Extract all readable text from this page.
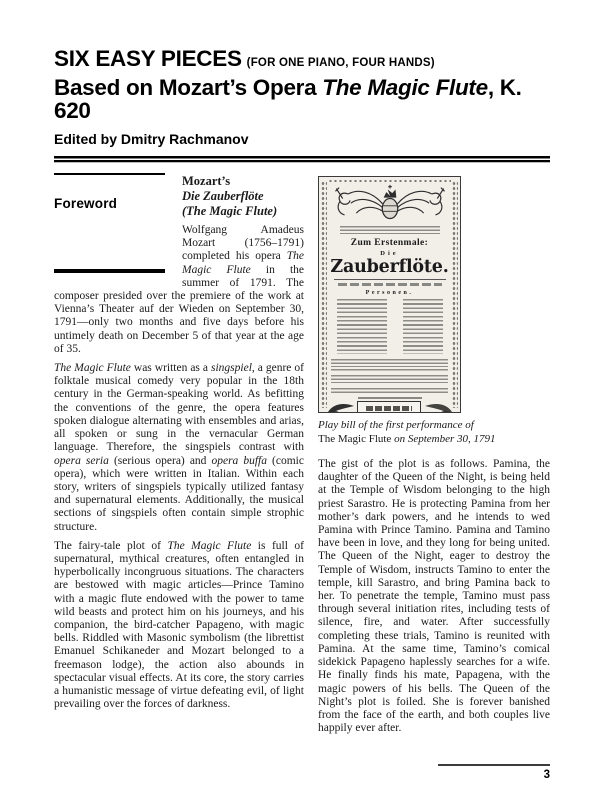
SIX EASY PIECES (FOR ONE PIANO, FOUR HANDS)
Based on Mozart’s Opera The Magic Flute, K. 620
Edited by Dmitry Rachmanov
Foreword
Mozart’s
Die Zauberflöte
(The Magic Flute)

Wolfgang Amadeus Mozart (1756–1791) completed his opera The Magic Flute in the summer of 1791. The composer presided over the premiere of the work at Vienna’s Theater auf der Wieden on September 30, 1791—only two months and five days before his untimely death on December 5 of that year at the age of 35.

The Magic Flute was written as a singspiel, a genre of folktale musical comedy very popular in the 18th century in the German-speaking world. As befitting the conventions of the genre, the opera features spoken dialogue alternating with ensembles and arias, all spoken or sung in the vernacular German language. Therefore, the singspiels contrast with opera seria (serious opera) and opera buffa (comic opera), which were written in Italian. Within each story, writers of singspiels typically utilized fantasy and supernatural elements. Additionally, the musical sections of singspiels often contain simple strophic structure.

The fairy-tale plot of The Magic Flute is full of supernatural, mythical creatures, often entangled in hyperbolically incongruous situations. The characters are bestowed with magic articles—Prince Tamino with a magic flute endowed with the power to tame wild beasts and protect him on his journeys, and his companion, the bird-catcher Papageno, with magic bells. Riddled with Masonic symbolism (the librettist Emanuel Schikaneder and Mozart belonged to a freemason lodge), the action also abounds in spectacular visual effects. At its core, the story carries a humanistic message of virtue defeating evil, of light prevailing over the forces of darkness.

Zum Erstenmale:
Die
Zauberflöte.
Personen.
Play bill of the first performance of
The Magic Flute on September 30, 1791

The gist of the plot is as follows. Pamina, the daughter of the Queen of the Night, is being held at the Temple of Wisdom belonging to the high priest Sarastro. He is protecting Pamina from her mother’s dark powers, and he intends to wed Pamina with Prince Tamino. Pamina and Tamino have been in love, and they long for being united. The Queen of the Night, eager to destroy the Temple of Wisdom, instructs Tamino to enter the temple, kill Sarastro, and bring Pamina back to her. To penetrate the temple, Tamino must pass through several initiation rites, including tests of silence, fire, and water. After successfully completing these trials, Tamino is reunited with Pamina. At the same time, Tamino’s comical sidekick Papageno haplessly searches for a wife. He finally finds his mate, Papagena, with the magic powers of his bells. The Queen of the Night’s plot is foiled. She is forever banished from the face of the earth, and both couples live happily ever after.

3
